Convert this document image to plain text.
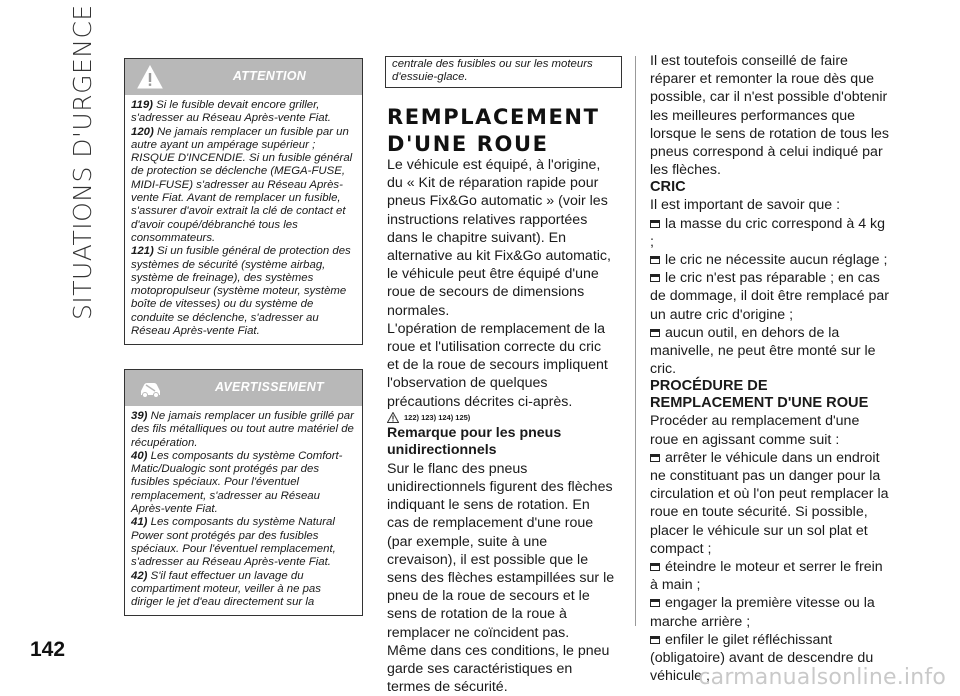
SITUATIONS D'URGENCE
142
ATTENTION

119) Si le fusible devait encore griller, s'adresser au Réseau Après-vente Fiat.

120) Ne jamais remplacer un fusible par un autre ayant un ampérage supérieur ; RISQUE D'INCENDIE. Si un fusible général de protection se déclenche (MEGA-FUSE, MIDI-FUSE) s'adresser au Réseau Après-vente Fiat. Avant de remplacer un fusible, s'assurer d'avoir extrait la clé de contact et d'avoir coupé/débranché tous les consommateurs.

121) Si un fusible général de protection des systèmes de sécurité (système airbag, système de freinage), des systèmes motopropulseur (système moteur, système boîte de vitesses) ou du système de conduite se déclenche, s'adresser au Réseau Après-vente Fiat.

AVERTISSEMENT

39) Ne jamais remplacer un fusible grillé par des fils métalliques ou tout autre matériel de récupération.

40) Les composants du système Comfort-Matic/Dualogic sont protégés par des fusibles spéciaux. Pour l'éventuel remplacement, s'adresser au Réseau Après-vente Fiat.

41) Les composants du système Natural Power sont protégés par des fusibles spéciaux. Pour l'éventuel remplacement, s'adresser au Réseau Après-vente Fiat.

42) S'il faut effectuer un lavage du compartiment moteur, veiller à ne pas diriger le jet d'eau directement sur la

centrale des fusibles ou sur les moteurs d'essuie-glace.
REMPLACEMENT D'UNE ROUE

Le véhicule est équipé, à l'origine, du « Kit de réparation rapide pour pneus Fix&Go automatic » (voir les instructions relatives rapportées dans le chapitre suivant). En alternative au kit Fix&Go automatic, le véhicule peut être équipé d'une roue de secours de dimensions normales.

L'opération de remplacement de la roue et l'utilisation correcte du cric et de la roue de secours impliquent l'observation de quelques précautions décrites ci-après.

122) 123) 124) 125)

Remarque pour les pneus unidirectionnels

Sur le flanc des pneus unidirectionnels figurent des flèches indiquant le sens de rotation. En cas de remplacement d'une roue (par exemple, suite à une crevaison), il est possible que le sens des flèches estampillées sur le pneu de la roue de secours et le sens de rotation de la roue à remplacer ne coïncident pas.

Même dans ces conditions, le pneu garde ses caractéristiques en termes de sécurité.

Il est toutefois conseillé de faire réparer et remonter la roue dès que possible, car il n'est possible d'obtenir les meilleures performances que lorsque le sens de rotation de tous les pneus correspond à celui indiqué par les flèches.

CRIC

Il est important de savoir que :

la masse du cric correspond à 4 kg ;

le cric ne nécessite aucun réglage ;

le cric n'est pas réparable ; en cas de dommage, il doit être remplacé par un autre cric d'origine ;

aucun outil, en dehors de la manivelle, ne peut être monté sur le cric.

PROCÉDURE DE REMPLACEMENT D'UNE ROUE

Procéder au remplacement d'une roue en agissant comme suit :

arrêter le véhicule dans un endroit ne constituant pas un danger pour la circulation et où l'on peut remplacer la roue en toute sécurité. Si possible, placer le véhicule sur un sol plat et compact ;

éteindre le moteur et serrer le frein à main ;

engager la première vitesse ou la marche arrière ;

enfiler le gilet réfléchissant (obligatoire) avant de descendre du véhicule ;

carmanualsonline.info
